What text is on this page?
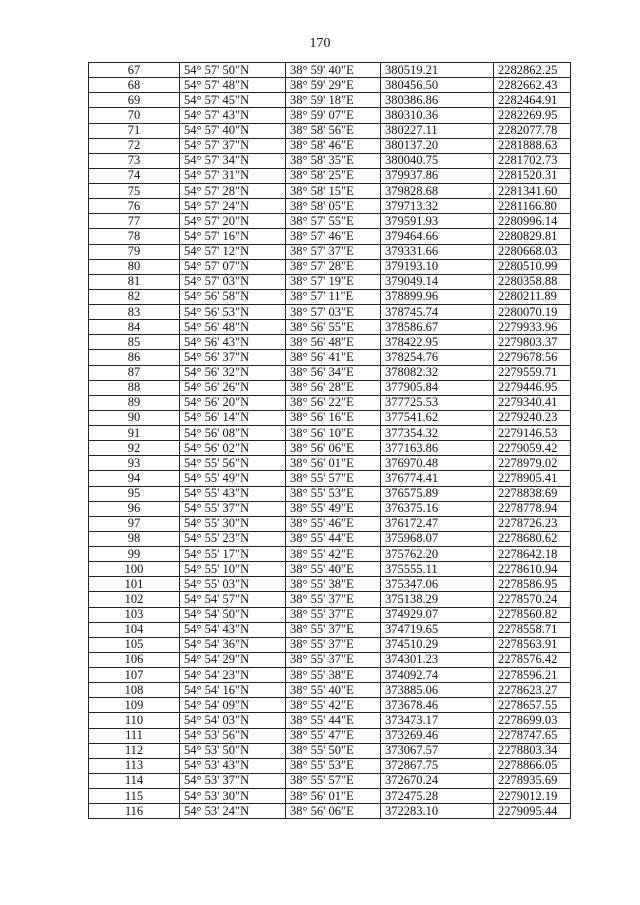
170
67	54° 57' 50"N	38° 59' 40"E	380519.21	2282862.25
68	54° 57' 48"N	38° 59' 29"E	380456.50	2282662.43
69	54° 57' 45"N	38° 59' 18"E	380386.86	2282464.91
70	54° 57' 43"N	38° 59' 07"E	380310.36	2282269.95
71	54° 57' 40"N	38° 58' 56"E	380227.11	2282077.78
72	54° 57' 37"N	38° 58' 46"E	380137.20	2281888.63
73	54° 57' 34"N	38° 58' 35"E	380040.75	2281702.73
74	54° 57' 31"N	38° 58' 25"E	379937.86	2281520.31
75	54° 57' 28"N	38° 58' 15"E	379828.68	2281341.60
76	54° 57' 24"N	38° 58' 05"E	379713.32	2281166.80
77	54° 57' 20"N	38° 57' 55"E	379591.93	2280996.14
78	54° 57' 16"N	38° 57' 46"E	379464.66	2280829.81
79	54° 57' 12"N	38° 57' 37"E	379331.66	2280668.03
80	54° 57' 07"N	38° 57' 28"E	379193.10	2280510.99
81	54° 57' 03"N	38° 57' 19"E	379049.14	2280358.88
82	54° 56' 58"N	38° 57' 11"E	378899.96	2280211.89
83	54° 56' 53"N	38° 57' 03"E	378745.74	2280070.19
84	54° 56' 48"N	38° 56' 55"E	378586.67	2279933.96
85	54° 56' 43"N	38° 56' 48"E	378422.95	2279803.37
86	54° 56' 37"N	38° 56' 41"E	378254.76	2279678.56
87	54° 56' 32"N	38° 56' 34"E	378082.32	2279559.71
88	54° 56' 26"N	38° 56' 28"E	377905.84	2279446.95
89	54° 56' 20"N	38° 56' 22"E	377725.53	2279340.41
90	54° 56' 14"N	38° 56' 16"E	377541.62	2279240.23
91	54° 56' 08"N	38° 56' 10"E	377354.32	2279146.53
92	54° 56' 02"N	38° 56' 06"E	377163.86	2279059.42
93	54° 55' 56"N	38° 56' 01"E	376970.48	2278979.02
94	54° 55' 49"N	38° 55' 57"E	376774.41	2278905.41
95	54° 55' 43"N	38° 55' 53"E	376575.89	2278838.69
96	54° 55' 37"N	38° 55' 49"E	376375.16	2278778.94
97	54° 55' 30"N	38° 55' 46"E	376172.47	2278726.23
98	54° 55' 23"N	38° 55' 44"E	375968.07	2278680.62
99	54° 55' 17"N	38° 55' 42"E	375762.20	2278642.18
100	54° 55' 10"N	38° 55' 40"E	375555.11	2278610.94
101	54° 55' 03"N	38° 55' 38"E	375347.06	2278586.95
102	54° 54' 57"N	38° 55' 37"E	375138.29	2278570.24
103	54° 54' 50"N	38° 55' 37"E	374929.07	2278560.82
104	54° 54' 43"N	38° 55' 37"E	374719.65	2278558.71
105	54° 54' 36"N	38° 55' 37"E	374510.29	2278563.91
106	54° 54' 29"N	38° 55' 37"E	374301.23	2278576.42
107	54° 54' 23"N	38° 55' 38"E	374092.74	2278596.21
108	54° 54' 16"N	38° 55' 40"E	373885.06	2278623.27
109	54° 54' 09"N	38° 55' 42"E	373678.46	2278657.55
110	54° 54' 03"N	38° 55' 44"E	373473.17	2278699.03
111	54° 53' 56"N	38° 55' 47"E	373269.46	2278747.65
112	54° 53' 50"N	38° 55' 50"E	373067.57	2278803.34
113	54° 53' 43"N	38° 55' 53"E	372867.75	2278866.05
114	54° 53' 37"N	38° 55' 57"E	372670.24	2278935.69
115	54° 53' 30"N	38° 56' 01"E	372475.28	2279012.19
116	54° 53' 24"N	38° 56' 06"E	372283.10	2279095.44
